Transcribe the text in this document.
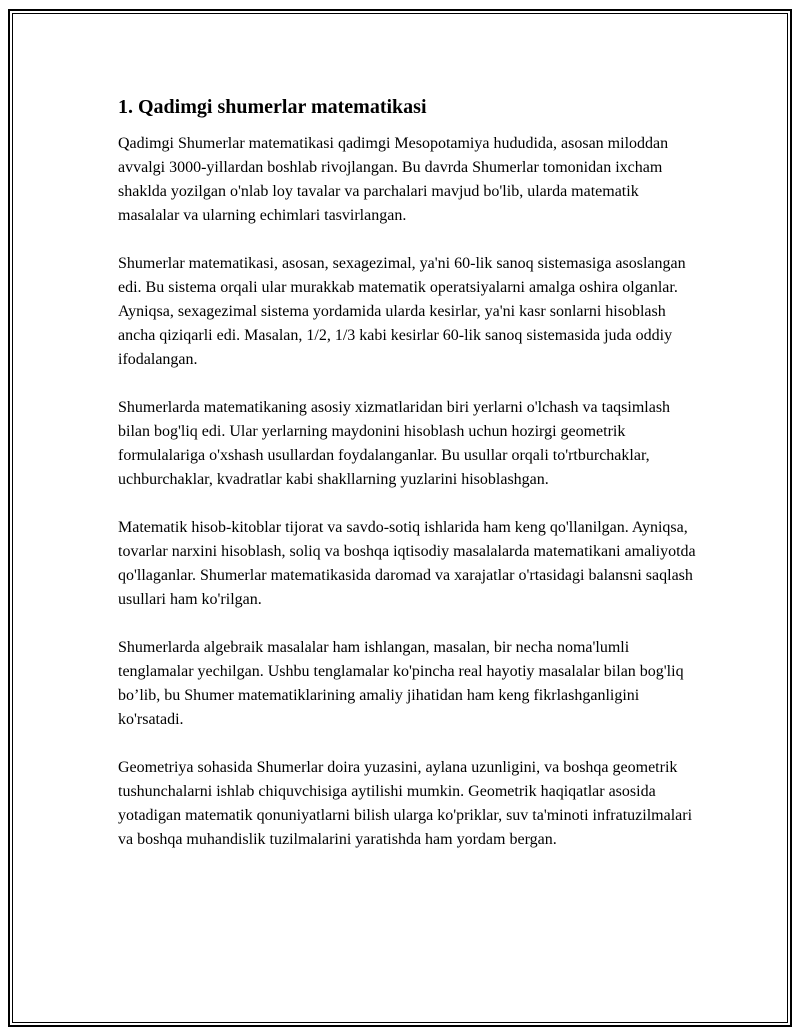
1. Qadimgi shumerlar matematikasi

Qadimgi Shumerlar matematikasi qadimgi Mesopotamiya hududida, asosan miloddan avvalgi 3000-yillardan boshlab rivojlangan. Bu davrda Shumerlar tomonidan ixcham shaklda yozilgan o'nlab loy tavalar va parchalari mavjud bo'lib, ularda matematik masalalar va ularning echimlari tasvirlangan.

Shumerlar matematikasi, asosan, sexagezimal, ya'ni 60-lik sanoq sistemasiga asoslangan edi. Bu sistema orqali ular murakkab matematik operatsiyalarni amalga oshira olganlar. Ayniqsa, sexagezimal sistema yordamida ularda kesirlar, ya'ni kasr sonlarni hisoblash ancha qiziqarli edi. Masalan, 1/2, 1/3 kabi kesirlar 60-lik sanoq sistemasida juda oddiy ifodalangan.

Shumerlarda matematikaning asosiy xizmatlaridan biri yerlarni o'lchash va taqsimlash bilan bog'liq edi. Ular yerlarning maydonini hisoblash uchun hozirgi geometrik formulalariga o'xshash usullardan foydalanganlar. Bu usullar orqali to'rtburchaklar, uchburchaklar, kvadratlar kabi shakllarning yuzlarini hisoblashgan.

Matematik hisob-kitoblar tijorat va savdo-sotiq ishlarida ham keng qo'llanilgan. Ayniqsa, tovarlar narxini hisoblash, soliq va boshqa iqtisodiy masalalarda matematikani amaliyotda qo'llaganlar. Shumerlar matematikasida daromad va xarajatlar o'rtasidagi balansni saqlash usullari ham ko'rilgan.

Shumerlarda algebraik masalalar ham ishlangan, masalan, bir necha noma'lumli tenglamalar yechilgan. Ushbu tenglamalar ko'pincha real hayotiy masalalar bilan bog'liq bo’lib, bu Shumer matematiklarining amaliy jihatidan ham keng fikrlashganligini ko'rsatadi.

Geometriya sohasida Shumerlar doira yuzasini, aylana uzunligini, va boshqa geometrik tushunchalarni ishlab chiquvchisiga aytilishi mumkin. Geometrik haqiqatlar asosida yotadigan matematik qonuniyatlarni bilish ularga ko'priklar, suv ta'minoti infratuzilmalari va boshqa muhandislik tuzilmalarini yaratishda ham yordam bergan.
